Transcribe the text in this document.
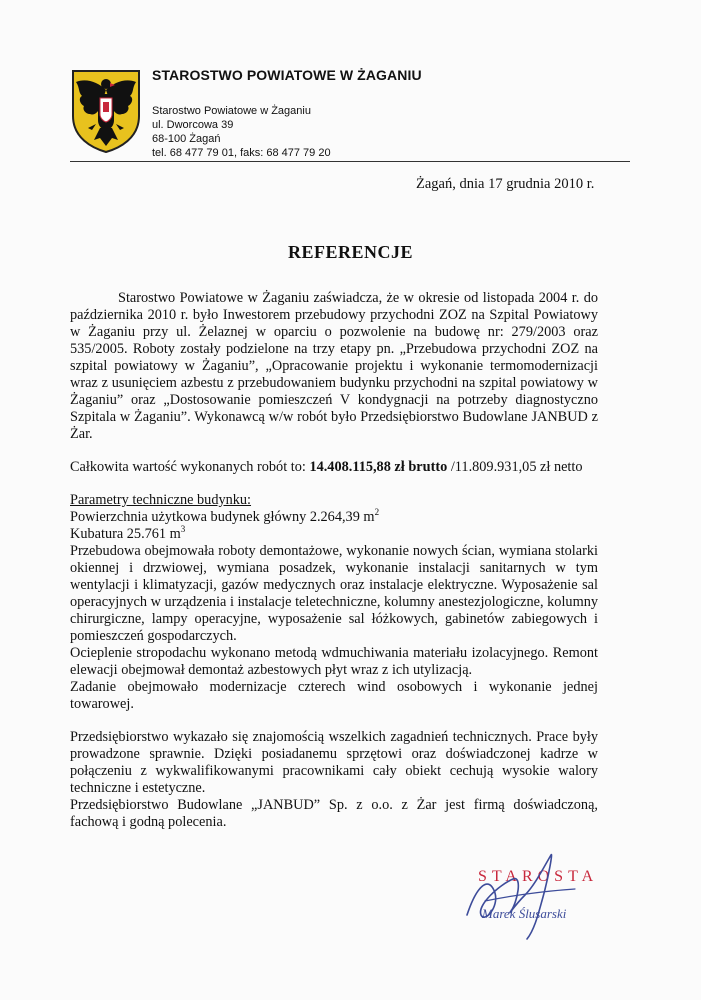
STAROSTWO POWIATOWE W ŻAGANIU
Starostwo Powiatowe w Żaganiu
ul. Dworcowa 39
68-100 Żagań
tel. 68 477 79 01, faks: 68 477 79 20
Żagań, dnia 17 grudnia 2010 r.
REFERENCJE

Starostwo Powiatowe w Żaganiu zaświadcza, że w okresie od listopada 2004 r. do października 2010 r. było Inwestorem przebudowy przychodni ZOZ na Szpital Powiatowy w Żaganiu przy ul. Żelaznej w oparciu o pozwolenie na budowę nr: 279/2003 oraz 535/2005. Roboty zostały podzielone na trzy etapy pn. „Przebudowa przychodni ZOZ na szpital powiatowy w Żaganiu”, „Opracowanie projektu i wykonanie termomodernizacji wraz z usunięciem azbestu z przebudowaniem budynku przychodni na szpital powiatowy w Żaganiu” oraz „Dostosowanie pomieszczeń V kondygnacji na potrzeby diagnostyczno Szpitala w Żaganiu”. Wykonawcą w/w robót było Przedsiębiorstwo Budowlane JANBUD z Żar.

Całkowita wartość wykonanych robót to: 14.408.115,88 zł brutto /11.809.931,05 zł netto

Parametry techniczne budynku:

Powierzchnia użytkowa budynek główny 2.264,39 $m^2$

Kubatura 25.761 $m^3$

Przebudowa obejmowała roboty demontażowe, wykonanie nowych ścian, wymiana stolarki okiennej i drzwiowej, wymiana posadzek, wykonanie instalacji sanitarnych w tym wentylacji i klimatyzacji, gazów medycznych oraz instalacje elektryczne. Wyposażenie sal operacyjnych w urządzenia i instalacje teletechniczne, kolumny anestezjologiczne, kolumny chirurgiczne, lampy operacyjne, wyposażenie sal łóżkowych, gabinetów zabiegowych i pomieszczeń gospodarczych.

Ocieplenie stropodachu wykonano metodą wdmuchiwania materiału izolacyjnego. Remont elewacji obejmował demontaż azbestowych płyt wraz z ich utylizacją.

Zadanie obejmowało modernizacje czterech wind osobowych i wykonanie jednej towarowej.

Przedsiębiorstwo wykazało się znajomością wszelkich zagadnień technicznych. Prace były prowadzone sprawnie. Dzięki posiadanemu sprzętowi oraz doświadczonej kadrze w połączeniu z wykwalifikowanymi pracownikami cały obiekt cechują wysokie walory techniczne i estetyczne.

Przedsiębiorstwo Budowlane „JANBUD” Sp. z o.o. z Żar jest firmą doświadczoną, fachową i godną polecenia.

STAROSTA
Marek Ślusarski
